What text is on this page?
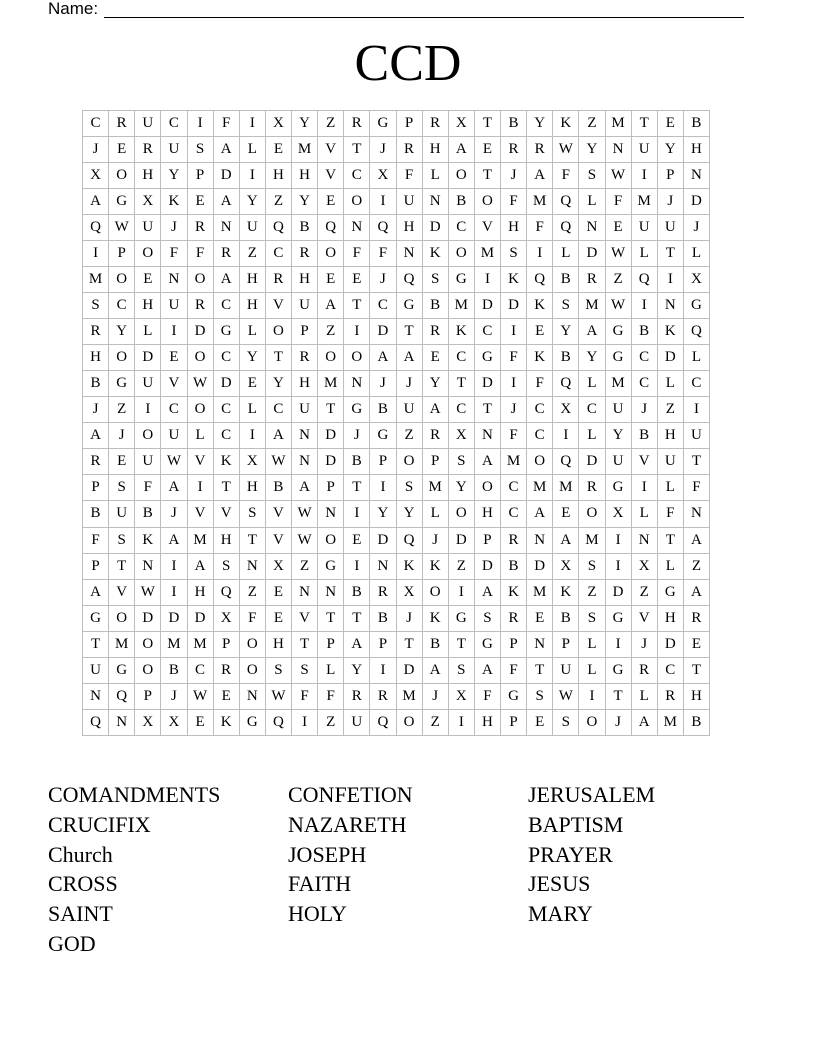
Name:
CCD
C	R	U	C	I	F	I	X	Y	Z	R	G	P	R	X	T	B	Y	K	Z	M	T	E	B
J	E	R	U	S	A	L	E	M	V	T	J	R	H	A	E	R	R	W	Y	N	U	Y	H
X	O	H	Y	P	D	I	H	H	V	C	X	F	L	O	T	J	A	F	S	W	I	P	N
A	G	X	K	E	A	Y	Z	Y	E	O	I	U	N	B	O	F	M	Q	L	F	M	J	D
Q	W	U	J	R	N	U	Q	B	Q	N	Q	H	D	C	V	H	F	Q	N	E	U	U	J
I	P	O	F	F	R	Z	C	R	O	F	F	N	K	O	M	S	I	L	D	W	L	T	L
M	O	E	N	O	A	H	R	H	E	E	J	Q	S	G	I	K	Q	B	R	Z	Q	I	X
S	C	H	U	R	C	H	V	U	A	T	C	G	B	M	D	D	K	S	M	W	I	N	G
R	Y	L	I	D	G	L	O	P	Z	I	D	T	R	K	C	I	E	Y	A	G	B	K	Q
H	O	D	E	O	C	Y	T	R	O	O	A	A	E	C	G	F	K	B	Y	G	C	D	L
B	G	U	V	W	D	E	Y	H	M	N	J	J	Y	T	D	I	F	Q	L	M	C	L	C
J	Z	I	C	O	C	L	C	U	T	G	B	U	A	C	T	J	C	X	C	U	J	Z	I
A	J	O	U	L	C	I	A	N	D	J	G	Z	R	X	N	F	C	I	L	Y	B	H	U
R	E	U	W	V	K	X	W	N	D	B	P	O	P	S	A	M	O	Q	D	U	V	U	T
P	S	F	A	I	T	H	B	A	P	T	I	S	M	Y	O	C	M	M	R	G	I	L	F
B	U	B	J	V	V	S	V	W	N	I	Y	Y	L	O	H	C	A	E	O	X	L	F	N
F	S	K	A	M	H	T	V	W	O	E	D	Q	J	D	P	R	N	A	M	I	N	T	A
P	T	N	I	A	S	N	X	Z	G	I	N	K	K	Z	D	B	D	X	S	I	X	L	Z
A	V	W	I	H	Q	Z	E	N	N	B	R	X	O	I	A	K	M	K	Z	D	Z	G	A
G	O	D	D	D	X	F	E	V	T	T	B	J	K	G	S	R	E	B	S	G	V	H	R
T	M	O	M	M	P	O	H	T	P	A	P	T	B	T	G	P	N	P	L	I	J	D	E
U	G	O	B	C	R	O	S	S	L	Y	I	D	A	S	A	F	T	U	L	G	R	C	T
N	Q	P	J	W	E	N	W	F	F	R	R	M	J	X	F	G	S	W	I	T	L	R	H
Q	N	X	X	E	K	G	Q	I	Z	U	Q	O	Z	I	H	P	E	S	O	J	A	M	B
COMANDMENTS	CONFETION	JERUSALEM
CRUCIFIX	NAZARETH	BAPTISM
Church	JOSEPH	PRAYER
CROSS	FAITH	JESUS
SAINT	HOLY	MARY
GOD
